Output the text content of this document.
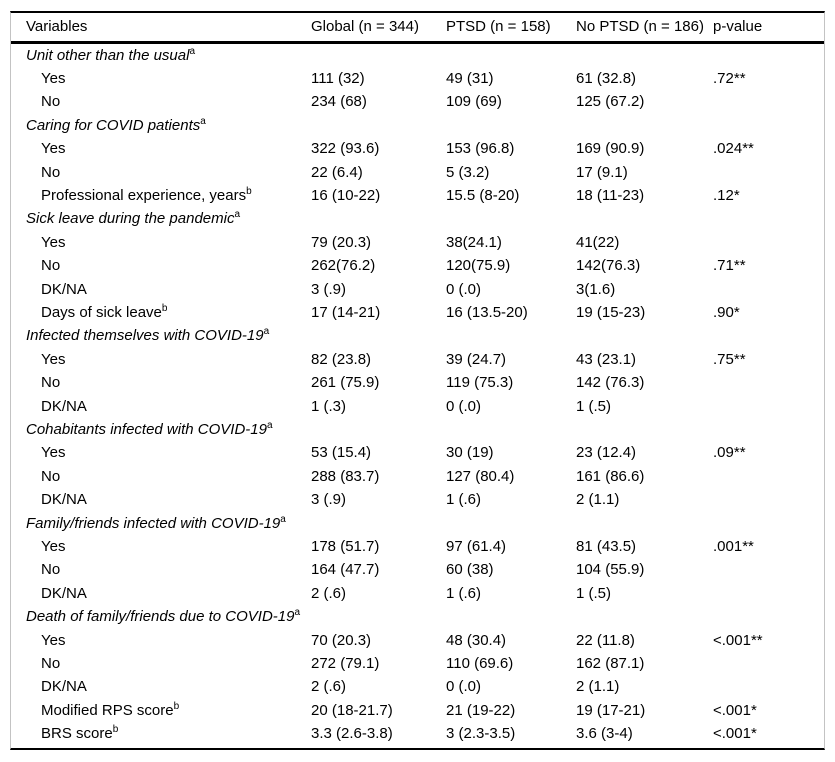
Variables	Global (n = 344)	PTSD (n = 158)	No PTSD (n = 186)	p-value
Unit other than the usual$^a$
Yes	111 (32)	49 (31)	61 (32.8)	.72**
No	234 (68)	109 (69)	125 (67.2)	
Caring for COVID patients$^a$
Yes	322 (93.6)	153 (96.8)	169 (90.9)	.024**
No	22 (6.4)	5 (3.2)	17 (9.1)	
Professional experience, years$^b$	16 (10-22)	15.5 (8-20)	18 (11-23)	.12*
Sick leave during the pandemic$^a$
Yes	79 (20.3)	38(24.1)	41(22)	
No	262(76.2)	120(75.9)	142(76.3)	.71**
DK/NA	3 (.9)	0 (.0)	3(1.6)	
Days of sick leave$^b$	17 (14-21)	16 (13.5-20)	19 (15-23)	.90*
Infected themselves with COVID-19$^a$
Yes	82 (23.8)	39 (24.7)	43 (23.1)	.75**
No	261 (75.9)	119 (75.3)	142 (76.3)	
DK/NA	1 (.3)	0 (.0)	1 (.5)	
Cohabitants infected with COVID-19$^a$
Yes	53 (15.4)	30 (19)	23 (12.4)	.09**
No	288 (83.7)	127 (80.4)	161 (86.6)	
DK/NA	3 (.9)	1 (.6)	2 (1.1)	
Family/friends infected with COVID-19$^a$
Yes	178 (51.7)	97 (61.4)	81 (43.5)	.001**
No	164 (47.7)	60 (38)	104 (55.9)	
DK/NA	2 (.6)	1 (.6)	1 (.5)	
Death of family/friends due to COVID-19$^a$
Yes	70 (20.3)	48 (30.4)	22 (11.8)	<.001**
No	272 (79.1)	110 (69.6)	162 (87.1)	
DK/NA	2 (.6)	0 (.0)	2 (1.1)	
Modified RPS score$^b$	20 (18-21.7)	21 (19-22)	19 (17-21)	<.001*
BRS score$^b$	3.3 (2.6-3.8)	3 (2.3-3.5)	3.6 (3-4)	<.001*
